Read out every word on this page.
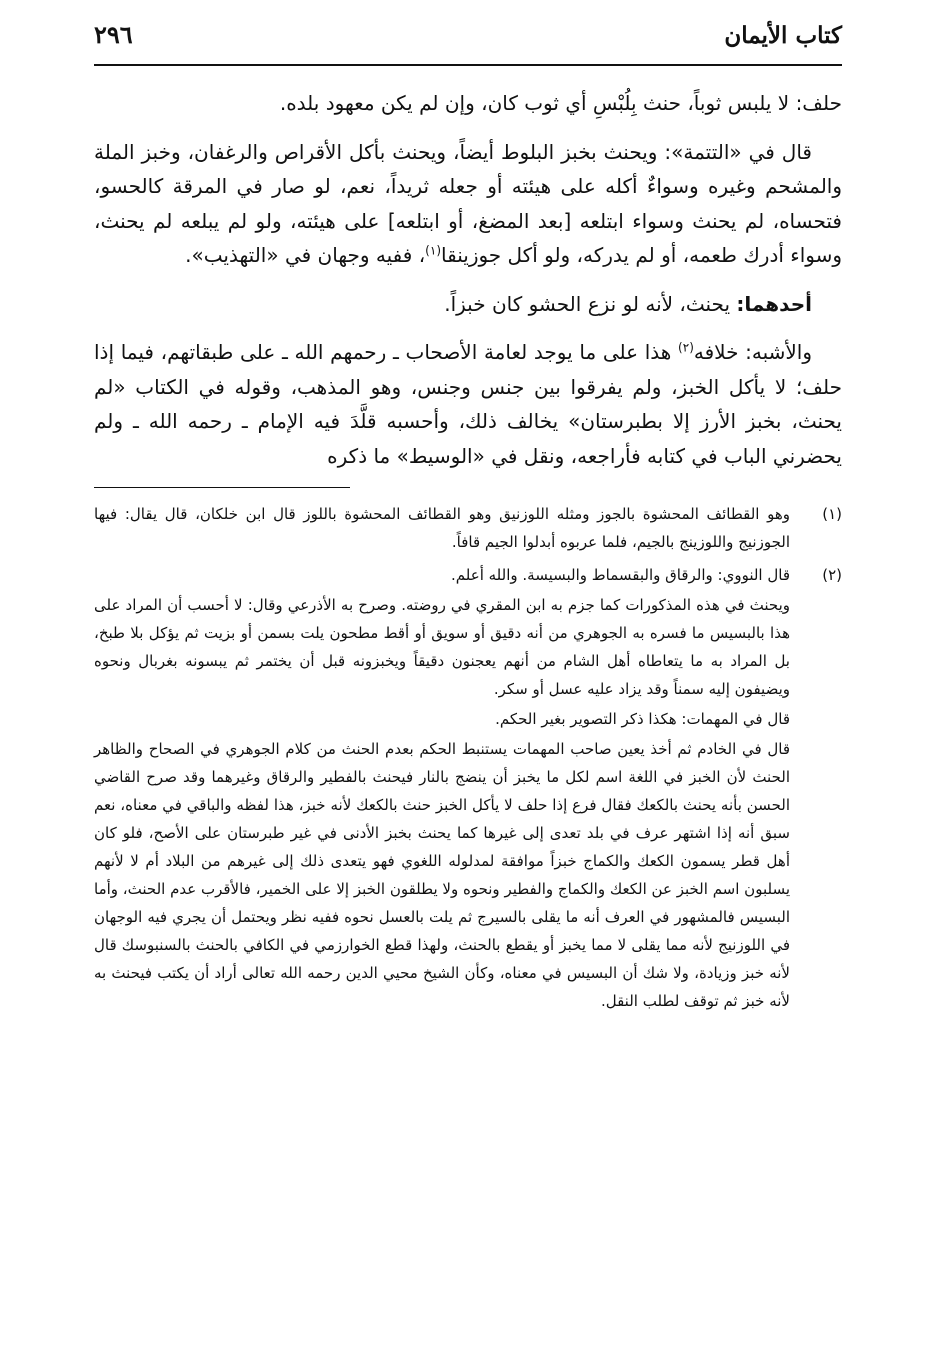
كتاب الأيمان
٢٩٦

حلف: لا يلبس ثوباً، حنث بِلُبْسِ أي ثوب كان، وإن لم يكن معهود بلده.

قال في «التتمة»: ويحنث بخبز البلوط أيضاً، ويحنث بأكل الأقراص والرغفان، وخبز الملة والمشحم وغيره وسواءٌ أكله على هيئته أو جعله ثريداً، نعم، لو صار في المرقة كالحسو، فتحساه، لم يحنث وسواء ابتلعه [بعد المضغ، أو ابتلعه] على هيئته، ولو لم يبلعه لم يحنث، وسواء أدرك طعمه، أو لم يدركه، ولو أكل جوزينقا$^{(١)}$، ففيه وجهان في «التهذيب».

أحدهما: يحنث، لأنه لو نزع الحشو كان خبزاً.

والأشبه: خلافه$^{(٢)}$ هذا على ما يوجد لعامة الأصحاب ـ رحمهم الله ـ على طبقاتهم، فيما إذا حلف؛ لا يأكل الخبز، ولم يفرقوا بين جنس وجنس، وهو المذهب، وقوله في الكتاب «لم يحنث، بخبز الأرز إلا بطبرستان» يخالف ذلك، وأحسبه قلَّدَ فيه الإمام ـ رحمه الله ـ ولم يحضرني الباب في كتابه فأراجعه، ونقل في «الوسيط» ما ذكره

(١)

وهو القطائف المحشوة بالجوز ومثله اللوزنيق وهو القطائف المحشوة باللوز قال ابن خلكان، قال يقال: فيها الجوزنيج واللوزينج بالجيم، فلما عربوه أبدلوا الجيم قافاً.

(٢)

قال النووي: والرقاق والبقسماط والبسيسة. والله أعلم.

ويحنث في هذه المذكورات كما جزم به ابن المقري في روضته. وصرح به الأذرعي وقال: لا أحسب أن المراد على هذا بالبسيس ما فسره به الجوهري من أنه دقيق أو سويق أو أقط مطحون يلت بسمن أو بزيت ثم يؤكل بلا طبخ، بل المراد به ما يتعاطاه أهل الشام من أنهم يعجنون دقيقاً ويخبزونه قبل أن يختمر ثم يبسونه بغربال ونحوه ويضيفون إليه سمناً وقد يزاد عليه عسل أو سكر.

قال في المهمات: هكذا ذكر التصوير بغير الحكم.

قال في الخادم ثم أخذ يعين صاحب المهمات يستنبط الحكم بعدم الحنث من كلام الجوهري في الصحاح والظاهر الحنث لأن الخبز في اللغة اسم لكل ما يخبز أن ينضج بالنار فيحنث بالفطير والرقاق وغيرهما وقد صرح القاضي الحسن بأنه يحنث بالكعك فقال فرع إذا حلف لا يأكل الخبز حنث بالكعك لأنه خبز، هذا لفظه والباقي في معناه، نعم سبق أنه إذا اشتهر عرف في بلد تعدى إلى غيرها كما يحنث بخبز الأدنى في غير طبرستان على الأصح، فلو كان أهل قطر يسمون الكعك والكماج خبزاً موافقة لمدلوله اللغوي فهو يتعدى ذلك إلى غيرهم من البلاد أم لا لأنهم يسلبون اسم الخبز عن الكعك والكماج والفطير ونحوه ولا يطلقون الخبز إلا على الخمير، فالأقرب عدم الحنث، وأما البسيس فالمشهور في العرف أنه ما يقلى بالسيرج ثم يلت بالعسل نحوه ففيه نظر ويحتمل أن يجري فيه الوجهان في اللوزنيج لأنه مما يقلى لا مما يخبز أو يقطع بالحنث، ولهذا قطع الخوارزمي في الكافي بالحنث بالسنبوسك قال لأنه خبز وزيادة، ولا شك أن البسيس في معناه، وكأن الشيخ محيي الدين رحمه الله تعالى أراد أن يكتب فيحنث به لأنه خبز ثم توقف لطلب النقل.
